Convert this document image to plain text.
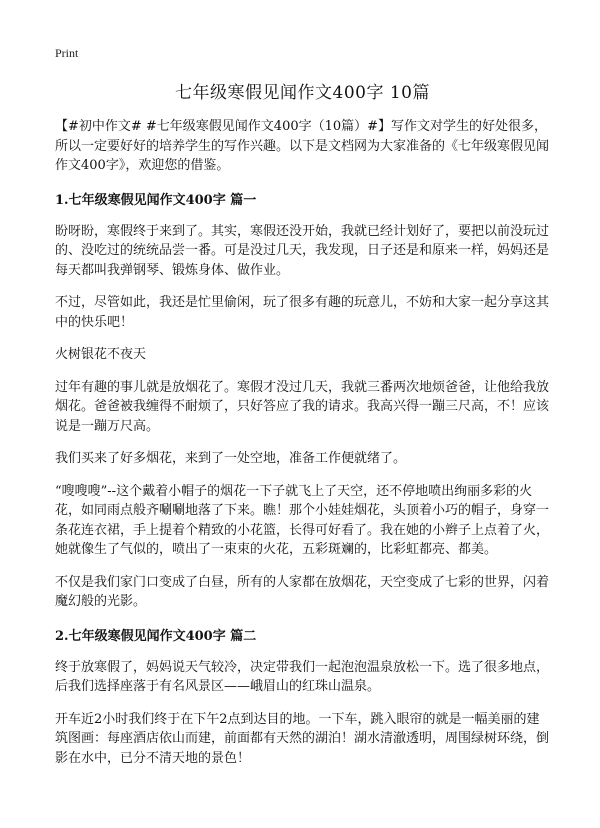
Print
七年级寒假见闻作文400字 10篇

【#初中作文# #七年级寒假见闻作文400字（10篇）#】写作文对学生的好处很多，所以一定要好好的培养学生的写作兴趣。以下是文档网为大家准备的《七年级寒假见闻作文400字》，欢迎您的借鉴。

1.七年级寒假见闻作文400字 篇一

盼呀盼，寒假终于来到了。其实，寒假还没开始，我就已经计划好了，要把以前没玩过的、没吃过的统统品尝一番。可是没过几天，我发现，日子还是和原来一样，妈妈还是每天都叫我弹钢琴、锻炼身体、做作业。

不过，尽管如此，我还是忙里偷闲，玩了很多有趣的玩意儿，不妨和大家一起分享这其中的快乐吧！

火树银花不夜天

过年有趣的事儿就是放烟花了。寒假才没过几天，我就三番两次地烦爸爸，让他给我放烟花。爸爸被我缠得不耐烦了，只好答应了我的请求。我高兴得一蹦三尺高，不！应该说是一蹦万尺高。

我们买来了好多烟花，来到了一处空地，准备工作便就绪了。

“嗖嗖嗖”--这个戴着小帽子的烟花一下子就飞上了天空，还不停地喷出绚丽多彩的火花，如同雨点般齐唰唰地落了下来。瞧！那个小娃娃烟花，头顶着小巧的帽子，身穿一条花连衣裙，手上提着个精致的小花篮，长得可好看了。我在她的小辫子上点着了火，她就像生了气似的，喷出了一束束的火花，五彩斑斓的，比彩虹都亮、都美。

不仅是我们家门口变成了白昼，所有的人家都在放烟花，天空变成了七彩的世界，闪着魔幻般的光影。

2.七年级寒假见闻作文400字 篇二

终于放寒假了，妈妈说天气较冷，决定带我们一起泡泡温泉放松一下。选了很多地点，后我们选择座落于有名风景区——峨眉山的红珠山温泉。

开车近2小时我们终于在下午2点到达目的地。一下车，跳入眼帘的就是一幅美丽的建筑图画：每座酒店依山而建，前面都有天然的湖泊！湖水清澈透明，周围绿树环绕，倒影在水中，已分不清天地的景色！
